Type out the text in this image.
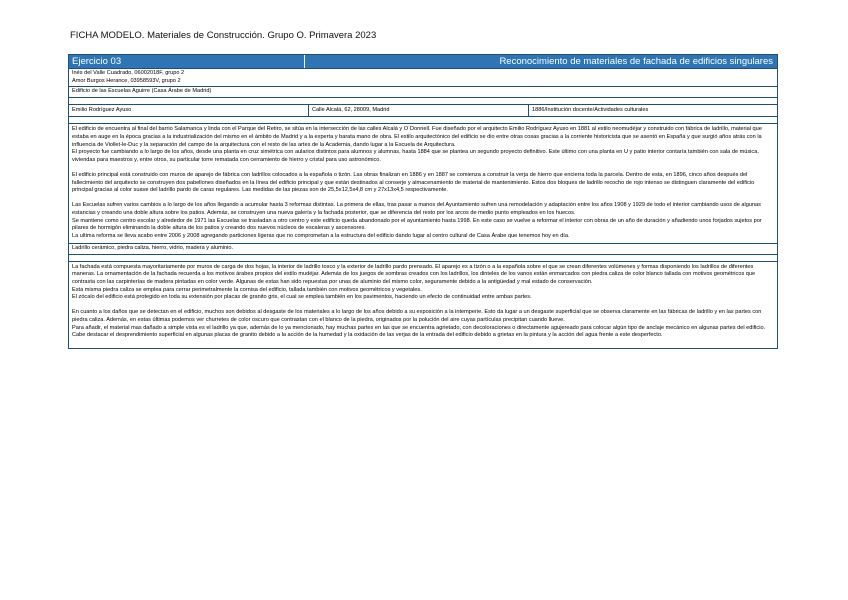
FICHA MODELO. Materiales de Construcción. Grupo O. Primavera 2023
Ejercicio 03	Reconocimiento de materiales de fachada de edificios singulares
Inés del Valle Cuadrado, 06002018F, grupo 2
Amor Burgos Herance, 03958593V, grupo 2
Edificio de las Escuelas Aguirre (Casa Árabe de Madrid)
Emilio Rodríguez Ayuso	Calle Alcalá, 62, 28009, Madrid	1886/Institución docente/Actividades culturales

El edificio de encuentra al final del barrio Salamanca y linda con el Parque del Retiro, se sitúa en la intersección de las calles Alcalá y O´Donnell. Fue diseñado por el arquitecto Emilio Rodríguez Ayuso en 1881 al estilo neomudéjar y construido con fábrica de ladrillo, material que estaba en auge en la época gracias a la industrialización del mismo en el ámbito de Madrid y a la experta y barata mano de obra. El estilo arquitectónico del edificio se dio entre otras cosas gracias a la corriente historicista que se asentó en España y que surgió años atrás con la influencia de Viollet-le-Duc y la separación del campo de la arquitectura con el resto de las artes de la Academia, dando lugar a la Escuela de Arquitectura.

El proyecto fue cambiando a lo largo de los años, desde una planta en cruz simétrica con aularios distintos para alumnos y alumnas, hasta 1884 que se plantea un segundo proyecto definitivo. Este último con una planta en U y patio interior contaría también con sala de música, viviendas para maestros y, entre otros, su particular torre rematada con cerramiento de hierro y cristal para uso astronómico.

El edificio principal está construido con muros de aparejo de fábrica con ladrillos colocados a la española o tizón. Las obras finalizan en 1886 y en 1887 se comienza a construir la verja de hierro que encierra toda la parcela. Dentro de esta, en 1896, cinco años después del fallecimiento del arquitecto se construyen dos pabellones diseñados en la línea del edificio principal y que están destinados al conserje y almacenamiento de material de mantenimiento. Estos dos bloques de ladrillo recocho de rojo intenso se distinguen claramente del edificio principal gracias al color suave del ladrillo pardo de caras regulares. Las medidas de las piezas son de 25,5x12,5x4,8 cm y 27x13x4,5 respectivamente.

Las Escuelas sufren varios cambios a lo largo de los años llegando a acumular hasta 3 reformas distintas. La primera de ellas, tras pasar a manos del Ayuntamiento sufren una remodelación y adaptación entre los años 1908 y 1929 de todo el interior cambiando usos de algunas estancias y creando una doble altura sobre los patios. Además, se construyen una nueva galería y la fachada posterior, que se diferencia del resto por los arcos de medio punto empleados en los huecos.

Se mantiene como centro escolar y alrededor de 1971 las Escuelas se trasladan a otro centro y este edificio queda abandonado por el ayuntamiento hasta 1998. En este caso se vuelve a reformar el interior con obras de un año de duración y añadiendo unos forjados sujetos por pilares de hormigón eliminando la doble altura de los patios y creando dos nuevos núcleos de escaleras y ascensores.

La ultima reforma se lleva acabo entre 2006 y 2008 agregando particiones ligeras que no comprometan a la estructura del edificio dando lugar al centro cultural de Casa Árabe que tenemos hoy en día.

Ladrillo cerámico, piedra caliza, hierro, vidrio, madera y aluminio.

La fachada está compuesta mayoritariamente por muros de carga de dos hojas, la interior de ladrillo tosco y la exterior de ladrillo pardo prensado. El aparejo es a tizón o a la española sobre el que se crean diferentes volúmenes y formas disponiendo los ladrillos de diferentes maneras. La ornamentación de la fachada recuerda a los motivos árabes propios del estilo mudéjar. Además de los juegos de sombras creados con los ladrillos, los dinteles de los vanos están enmarcados con piedra caliza de color blanco tallada con motivos geométricos que contrasta con las carpinterías de madera pintadas en color verde. Algunas de estas han sido repuestas por unas de aluminio del mismo color, seguramente debido a la antigüedad y mal estado de conservación.

Esta misma piedra caliza se emplea para cerrar perimetralmente la cornisa del edificio, tallada también con motivos geométricos y vegetales.

El zócalo del edificio está protegido en toda su extensión por placas de granito gris, el cual se emplea también en los pavimentos, haciendo un efecto de continuidad entre ambas partes.

En cuanto a los daños que se detectan en el edificio, muchos son debidos al desgaste de los materiales a lo largo de los años debido a su exposición a la intemperie. Esto da lugar a un desgaste superficial que se observa claramente en las fábricas de ladrillo y en las partes con piedra caliza. Además, en estas últimas podemos ver churretes de color oscuro que contrastan con el blanco de la piedra, originados por la polución del aire cuyas partículas precipitan cuando llueve.

Para añadir, el material mas dañado a simple vista es el ladrillo ya que, además de lo ya mencionado, hay muchas partes en las que se encuentra agrietado, con decoloraciones o directamente agujereado para colocar algún tipo de anclaje mecánico en algunas partes del edificio.

Cabe destacar el desprendimiento superficial en algunas placas de granito debido a la acción de la humedad y la oxidación de las verjas de la entrada del edificio debido a grietas en la pintura y la acción del agua frente a este desperfecto.
